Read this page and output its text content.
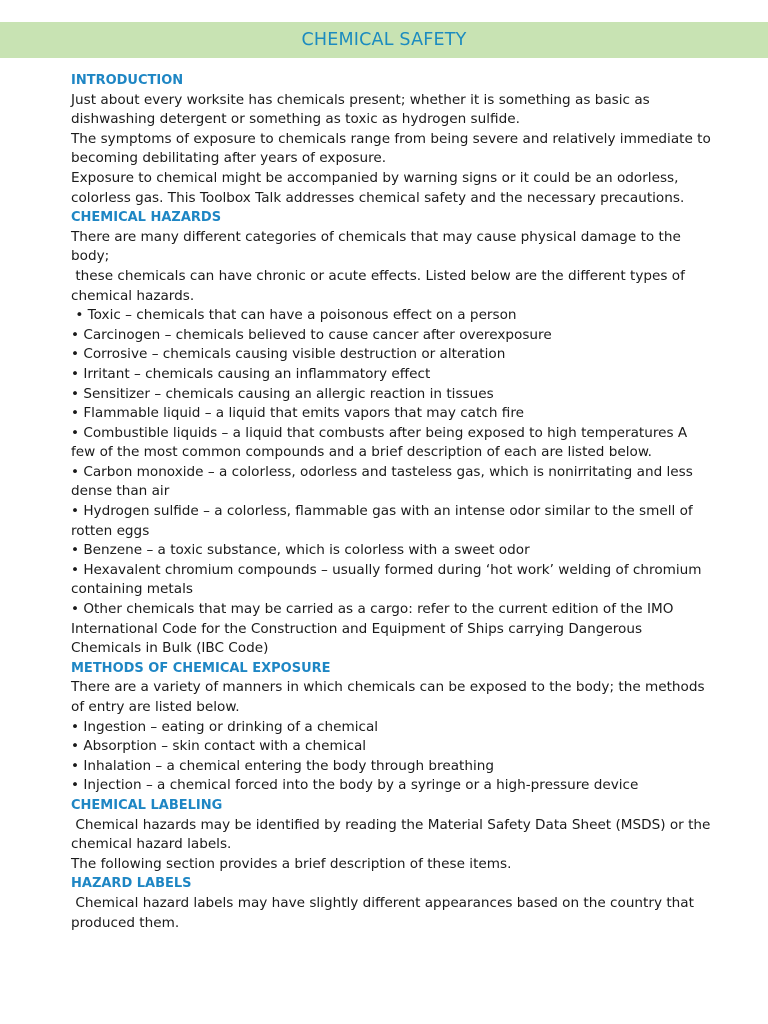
CHEMICAL SAFETY
INTRODUCTION

Just about every worksite has chemicals present; whether it is something as basic as dishwashing detergent or something as toxic as hydrogen sulfide.

The symptoms of exposure to chemicals range from being severe and relatively immediate to becoming debilitating after years of exposure.

Exposure to chemical might be accompanied by warning signs or it could be an odorless, colorless gas. This Toolbox Talk addresses chemical safety and the necessary precautions.

CHEMICAL HAZARDS

There are many different categories of chemicals that may cause physical damage to the body;

these chemicals can have chronic or acute effects. Listed below are the different types of chemical hazards.

• Toxic – chemicals that can have a poisonous effect on a person

• Carcinogen – chemicals believed to cause cancer after overexposure

• Corrosive – chemicals causing visible destruction or alteration

• Irritant – chemicals causing an inflammatory effect

• Sensitizer – chemicals causing an allergic reaction in tissues

• Flammable liquid – a liquid that emits vapors that may catch fire

• Combustible liquids – a liquid that combusts after being exposed to high temperatures A few of the most common compounds and a brief description of each are listed below.

• Carbon monoxide – a colorless, odorless and tasteless gas, which is nonirritating and less dense than air

• Hydrogen sulfide – a colorless, flammable gas with an intense odor similar to the smell of rotten eggs

• Benzene – a toxic substance, which is colorless with a sweet odor

• Hexavalent chromium compounds – usually formed during ‘hot work’ welding of chromium containing metals

• Other chemicals that may be carried as a cargo: refer to the current edition of the IMO International Code for the Construction and Equipment of Ships carrying Dangerous Chemicals in Bulk (IBC Code)

METHODS OF CHEMICAL EXPOSURE

There are a variety of manners in which chemicals can be exposed to the body; the methods of entry are listed below.

• Ingestion – eating or drinking of a chemical

• Absorption – skin contact with a chemical

• Inhalation – a chemical entering the body through breathing

• Injection – a chemical forced into the body by a syringe or a high-pressure device

CHEMICAL LABELING

Chemical hazards may be identified by reading the Material Safety Data Sheet (MSDS) or the chemical hazard labels.

The following section provides a brief description of these items.

HAZARD LABELS

Chemical hazard labels may have slightly different appearances based on the country that produced them.
